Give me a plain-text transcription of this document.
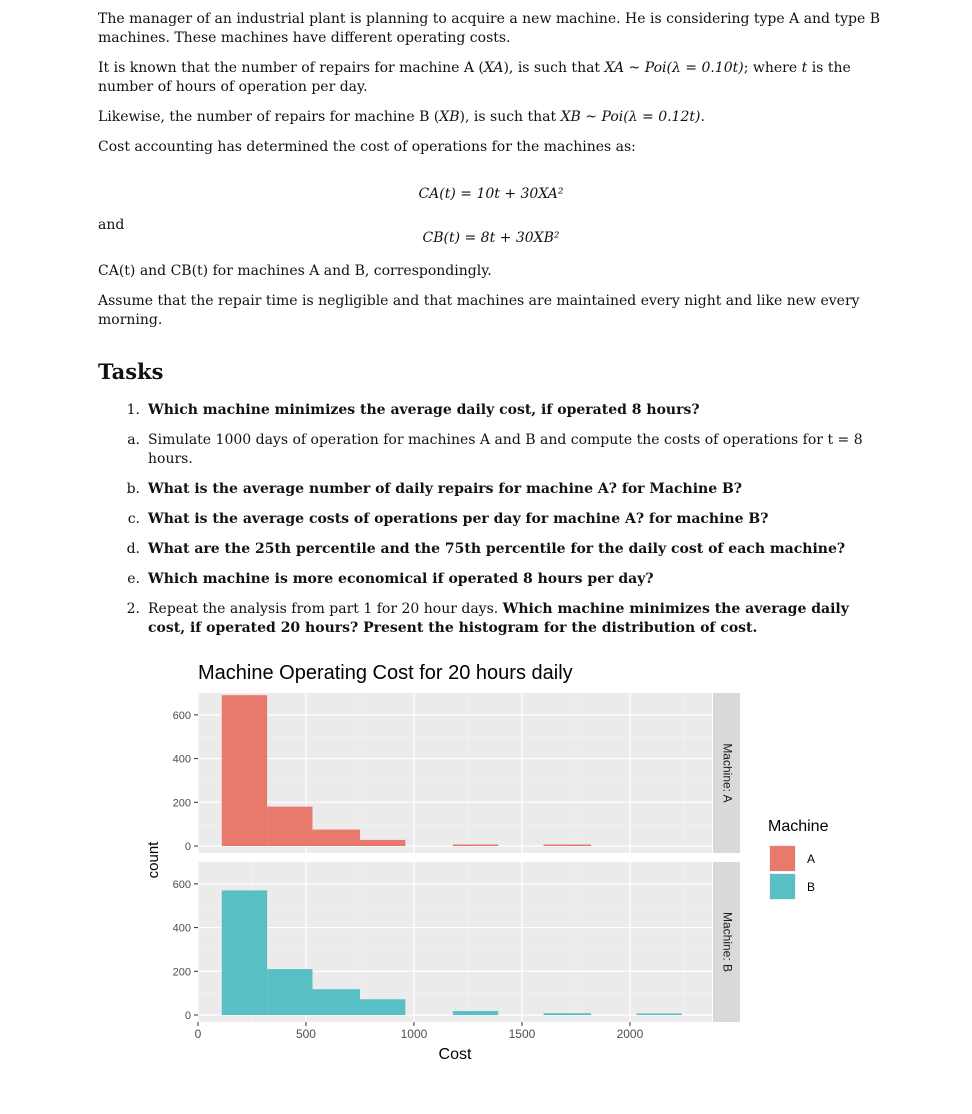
The manager of an industrial plant is planning to acquire a new machine. He is considering type A and type B machines. These machines have different operating costs.

It is known that the number of repairs for machine A (XA), is such that XA ~ Poi(λ = 0.10t); where t is the number of hours of operation per day.

Likewise, the number of repairs for machine B (XB), is such that XB ~ Poi(λ = 0.12t).

Cost accounting has determined the cost of operations for the machines as:

CA(t) = 10t + 30XA²
and
CB(t) = 8t + 30XB²

CA(t) and CB(t) for machines A and B, correspondingly.

Assume that the repair time is negligible and that machines are maintained every night and like new every morning.

Tasks
1. Which machine minimizes the average daily cost, if operated 8 hours?
a. Simulate 1000 days of operation for machines A and B and compute the costs of operations for t = 8 hours.
b. What is the average number of daily repairs for machine A? for Machine B?
c. What is the average costs of operations per day for machine A? for machine B?
d. What are the 25th percentile and the 75th percentile for the daily cost of each machine?
e. Which machine is more economical if operated 8 hours per day?
2. Repeat the analysis from part 1 for 20 hour days. Which machine minimizes the average daily cost, if operated 20 hours? Present the histogram for the distribution of cost.
Machine Operating Cost for 20 hours daily
0
200
400
600
Machine: A
0
200
400
600
Machine: B
0	500	1000	1500	2000
Cost
count
Machine
A
B
